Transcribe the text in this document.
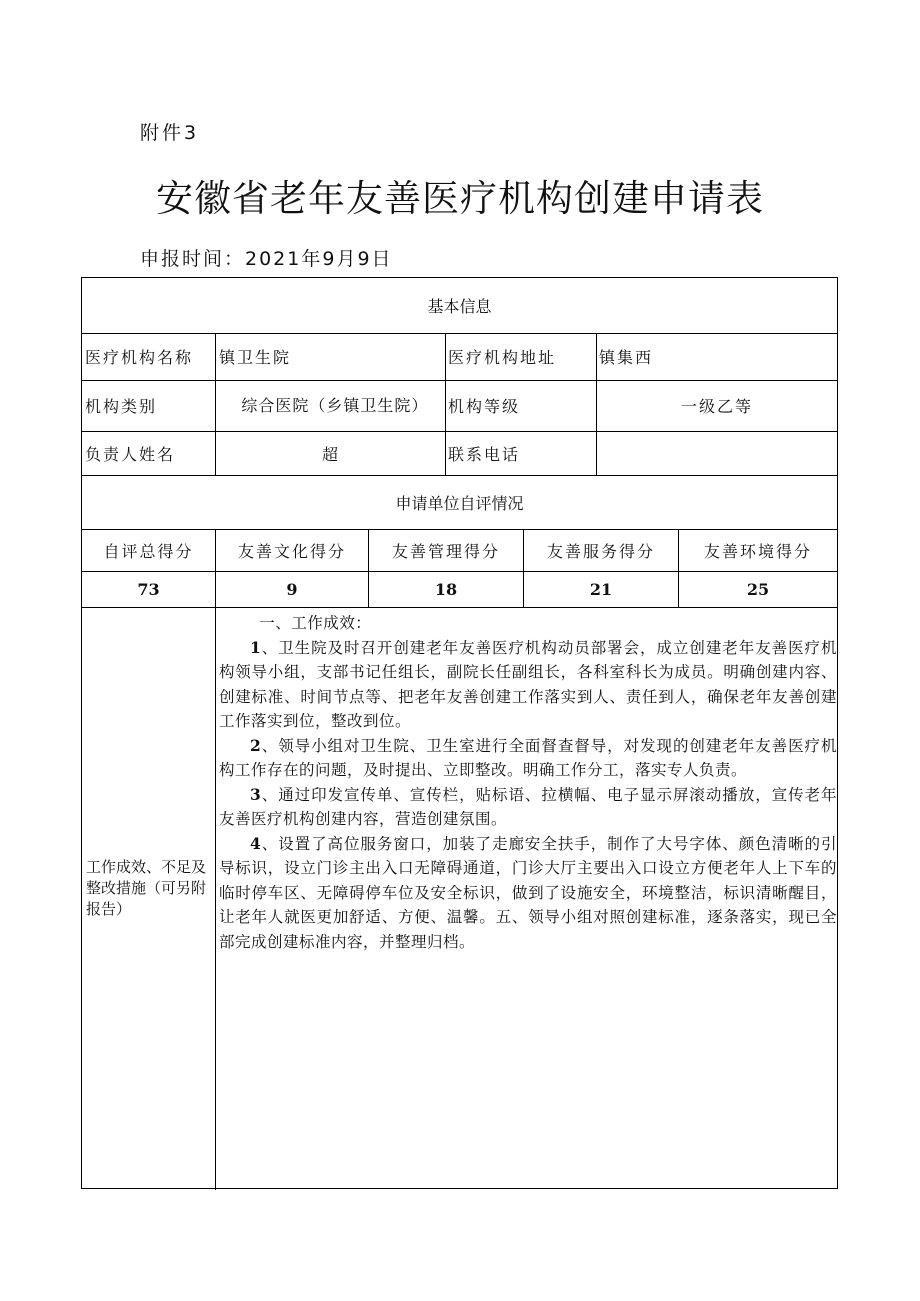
附件3
安徽省老年友善医疗机构创建申请表
申报时间：2021年9月9日
基本信息
医疗机构名称	镇卫生院	医疗机构地址	镇集西
机构类别	综合医院（乡镇卫生院） 机构等级	一级乙等
负责人姓名	超	联系电话
申请单位自评情况
自评总得分	友善文化得分	友善管理得分	友善服务得分	友善环境得分
73	9	18	21	25
工作成效、不足及整改措施（可另附报告）

一、工作成效：

1、卫生院及时召开创建老年友善医疗机构动员部署会，成立创建老年友善医疗机构领导小组，支部书记任组长，副院长任副组长，各科室科长为成员。明确创建内容、创建标准、时间节点等、把老年友善创建工作落实到人、责任到人，确保老年友善创建工作落实到位，整改到位。

2、领导小组对卫生院、卫生室进行全面督查督导，对发现的创建老年友善医疗机构工作存在的问题，及时提出、立即整改。明确工作分工，落实专人负责。

3、通过印发宣传单、宣传栏，贴标语、拉横幅、电子显示屏滚动播放，宣传老年友善医疗机构创建内容，营造创建氛围。

4、设置了高位服务窗口，加装了走廊安全扶手，制作了大号字体、颜色清晰的引导标识，设立门诊主出入口无障碍通道，门诊大厅主要出入口设立方便老年人上下车的临时停车区、无障碍停车位及安全标识，做到了设施安全，环境整洁，标识清晰醒目，让老年人就医更加舒适、方便、温馨。五、领导小组对照创建标准，逐条落实，现已全部完成创建标准内容，并整理归档。
